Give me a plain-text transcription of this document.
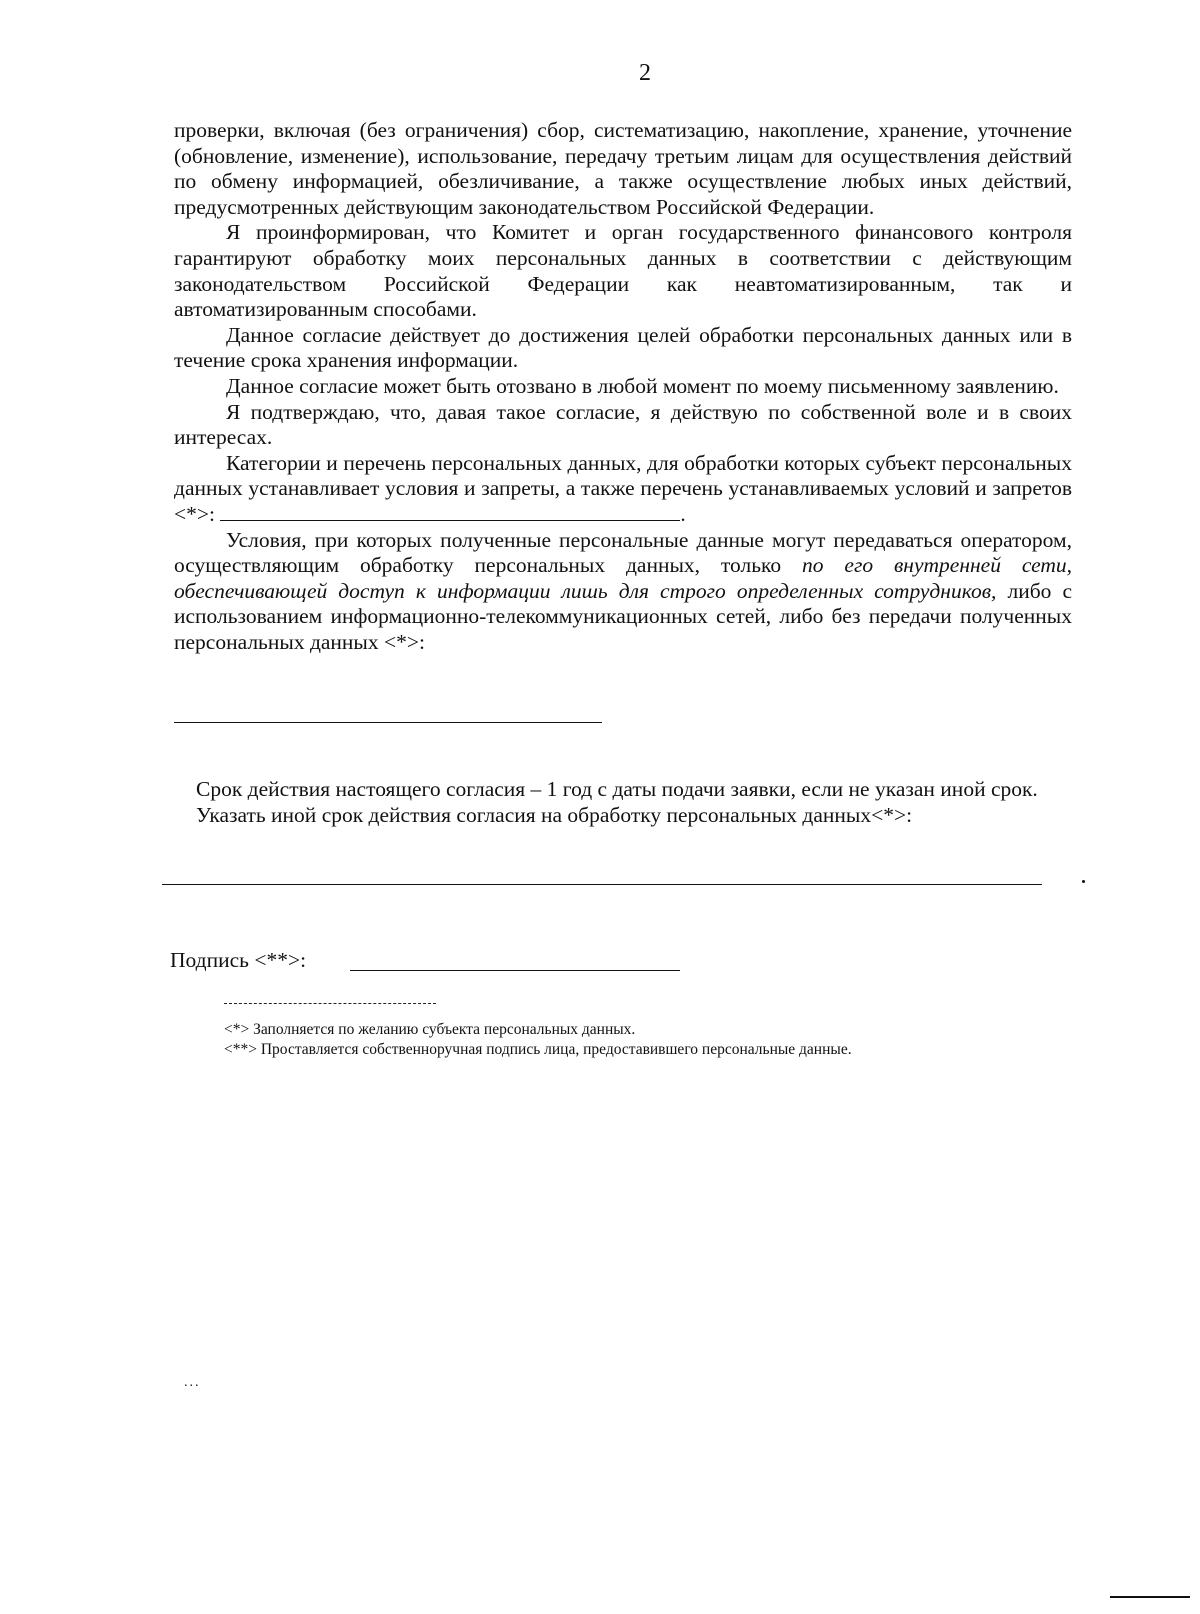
2

проверки, включая (без ограничения) сбор, систематизацию, накопление, хранение, уточнение (обновление, изменение), использование, передачу третьим лицам для осуществления действий по обмену информацией, обезличивание, а также осуществление любых иных действий, предусмотренных действующим законодательством Российской Федерации.

Я проинформирован, что Комитет и орган государственного финансового контроля гарантируют обработку моих персональных данных в соответствии с действующим законодательством Российской Федерации как неавтоматизированным, так и автоматизированным способами.

Данное согласие действует до достижения целей обработки персональных данных или в течение срока хранения информации.

Данное согласие может быть отозвано в любой момент по моему письменному заявлению.

Я подтверждаю, что, давая такое согласие, я действую по собственной воле и в своих интересах.

Категории и перечень персональных данных, для обработки которых субъект персональных данных устанавливает условия и запреты, а также перечень устанавливаемых условий и запретов <*>:	.

Условия, при которых полученные персональные данные могут передаваться оператором, осуществляющим обработку персональных данных, только по его внутренней сети, обеспечивающей доступ к информации лишь для строго определенных сотрудников, либо с использованием информационно-телекоммуникационных сетей, либо без передачи полученных персональных данных <*>:

Срок действия настоящего согласия – 1 год с даты подачи заявки, если не указан иной срок.

Указать иной срок действия согласия на обработку персональных данных<*>:

Подпись <**>:
<*> Заполняется по желанию субъекта персональных данных.
<**> Проставляется собственноручная подпись лица, предоставившего персональные данные.
...
